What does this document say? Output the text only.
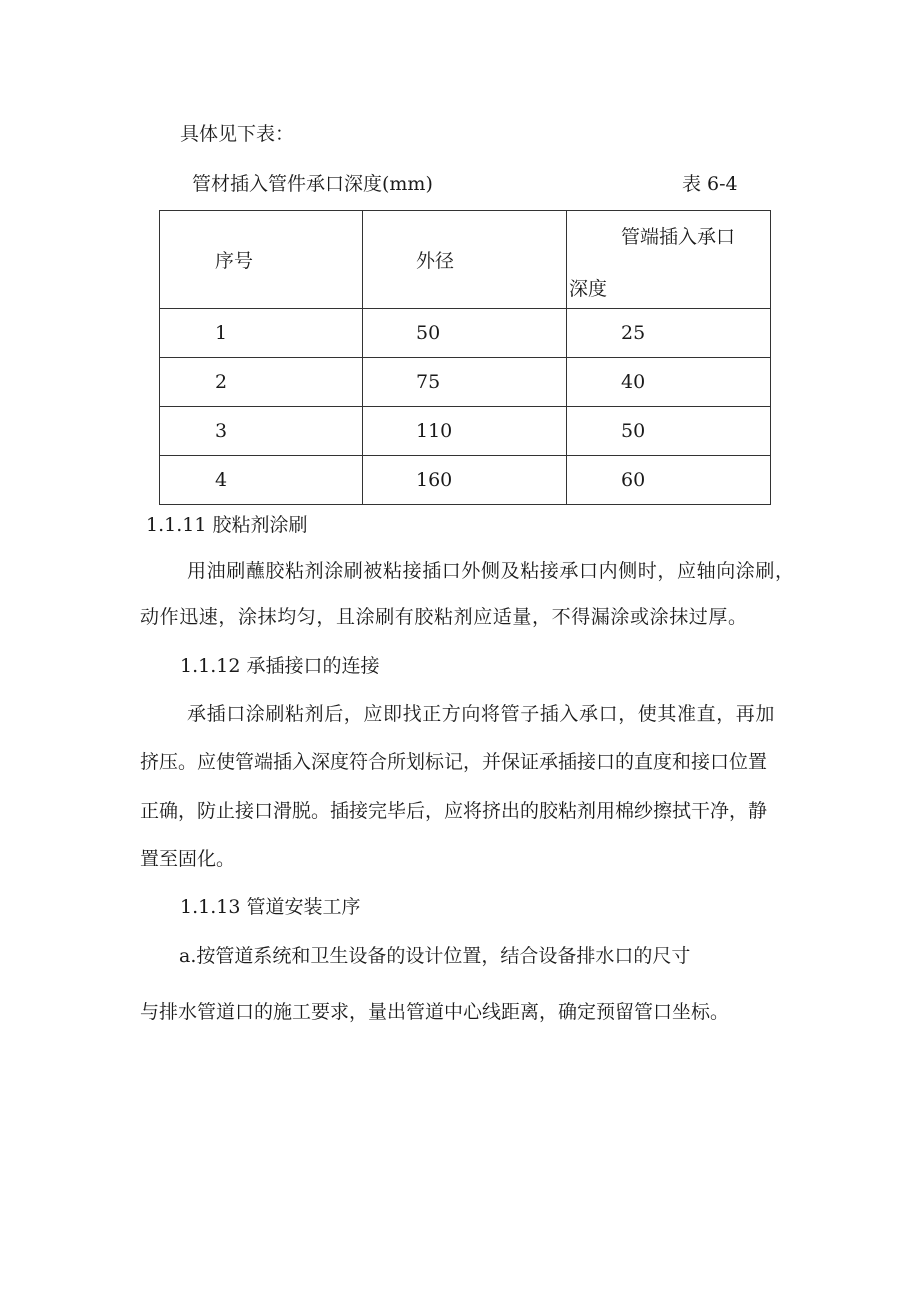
具体见下表：
管材插入管件承口深度(mm)	表 6-4
序号	外径	管端插入承口
深度

1	50	25
2	75	40
3	110	50
4	160	60
1.1.11 胶粘剂涂刷
用油刷蘸胶粘剂涂刷被粘接插口外侧及粘接承口内侧时，应轴向涂刷，
动作迅速，涂抹均匀，且涂刷有胶粘剂应适量，不得漏涂或涂抹过厚。
1.1.12 承插接口的连接
承插口涂刷粘剂后，应即找正方向将管子插入承口，使其准直，再加
挤压。应使管端插入深度符合所划标记，并保证承插接口的直度和接口位置
正确，防止接口滑脱。插接完毕后，应将挤出的胶粘剂用棉纱擦拭干净，静
置至固化。
1.1.13 管道安装工序
a.按管道系统和卫生设备的设计位置，结合设备排水口的尺寸
与排水管道口的施工要求，量出管道中心线距离，确定预留管口坐标。
